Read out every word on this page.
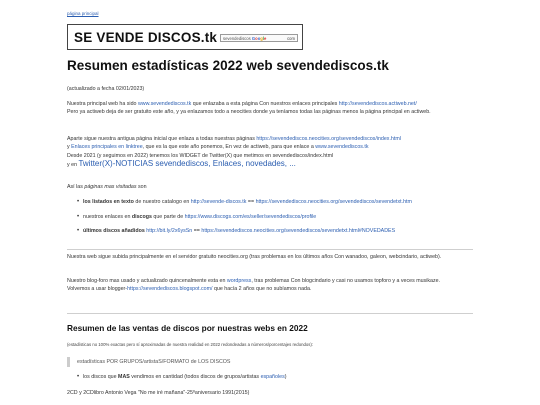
página principal
SE VENDE DISCOS.tk	sevendediscos Google	com
Resumen estadísticas 2022 web sevendediscos.tk

(actualizado a fecha 02/01/2023)

Nuestra principal web ha sido www.sevendediscos.tk que enlazaba a esta página Con nuestros enlaces principales http://sevendediscos.actiweb.net/
Pero ya actiweb deja de ser gratuito este año, y ya enlazamos todo a neocities donde ya teníamos todas las páginas menos la página principal en actiweb.

Aparte sigue nuestra antigua página inicial que enlaza a todas nuestras páginas https://sevendediscos.neocities.org/sevendediscos/index.html
y Enlaces principales en linktree, que es la que este año ponemos, En vez de actiweb, para que enlace a www.sevendediscos.tk
Desde 2021 (y seguimos en 2022) tenemos los WIDGET de Twitter(X) que metimos en sevendediscos/index.html
y en Twitter(X)-NOTICIAS sevendediscos, Enlaces, novedades, ...

Así las páginas mas visitadas son

• los listados en texto de nuestro catalogo en http://sevende-discos.tk == https://sevendediscos.neocities.org/sevendediscos/sevendetxt.htm
• nuestros enlaces en discogs que parte de https://www.discogs.com/es/seller/sevendediscos/profile
• últimos discos añadidos http://bit.ly/2x6ysSn == https://sevendediscos.neocities.org/sevendediscos/sevendetxt.html#NOVEDADES

Nuestra web sigue subida principalmente en el servidor gratuito neocities.org (tras problemas en los últimos años Con wanadoo, galeon, webcindario, actiweb).

Nuestro blog-foro mas usado y actualizado quincenalmente esta en wordpress, tras problemas Con blogcindario y casi no usamos topforo y a veces musikaze.
Volvemos a usar blogger-https://sevendediscos.blogspot.com/ que hacía 2 años que no subíamos nada.

Resumen de las ventas de discos por nuestras webs en 2022
(estadísticas no 100% exactas pero sí aproximadas de nuestra realidad en 2022 redondeadas a números/porcentajes redondos):
estadísticas POR GRUPOS/artistaS/FORMATO de LOS DISCOS
• los discos que MAS vendimos en cantidad (todos discos de grupos/artistas españoles)

2CD y 2CDlibro Antonio Vega "No me iré mañana"-25ºaniversario 1991(2015)
